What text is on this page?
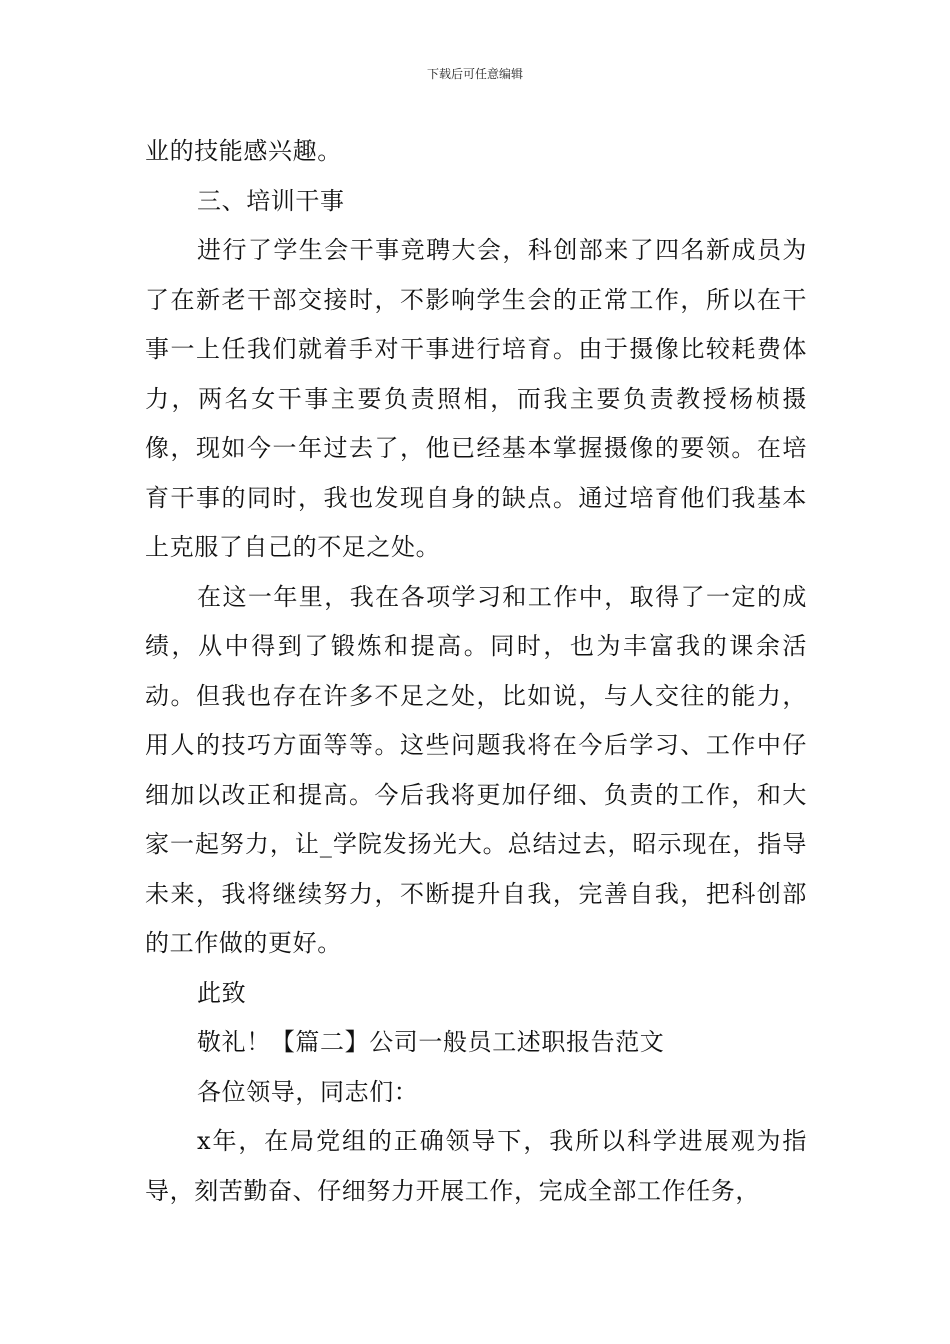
下载后可任意编辑

业的技能感兴趣。

三、培训干事

进行了学生会干事竞聘大会，科创部来了四名新成员为了在新老干部交接时，不影响学生会的正常工作，所以在干事一上任我们就着手对干事进行培育。由于摄像比较耗费体力，两名女干事主要负责照相，而我主要负责教授杨桢摄像，现如今一年过去了，他已经基本掌握摄像的要领。在培育干事的同时，我也发现自身的缺点。通过培育他们我基本上克服了自己的不足之处。

在这一年里，我在各项学习和工作中，取得了一定的成绩，从中得到了锻炼和提高。同时，也为丰富我的课余活动。但我也存在许多不足之处，比如说，与人交往的能力，用人的技巧方面等等。这些问题我将在今后学习、工作中仔细加以改正和提高。今后我将更加仔细、负责的工作，和大家一起努力，让_学院发扬光大。总结过去，昭示现在，指导未来，我将继续努力，不断提升自我，完善自我，把科创部的工作做的更好。

此致

敬礼！【篇二】公司一般员工述职报告范文

各位领导，同志们：

x年，在局党组的正确领导下，我所以科学进展观为指导，刻苦勤奋、仔细努力开展工作，完成全部工作任务，
